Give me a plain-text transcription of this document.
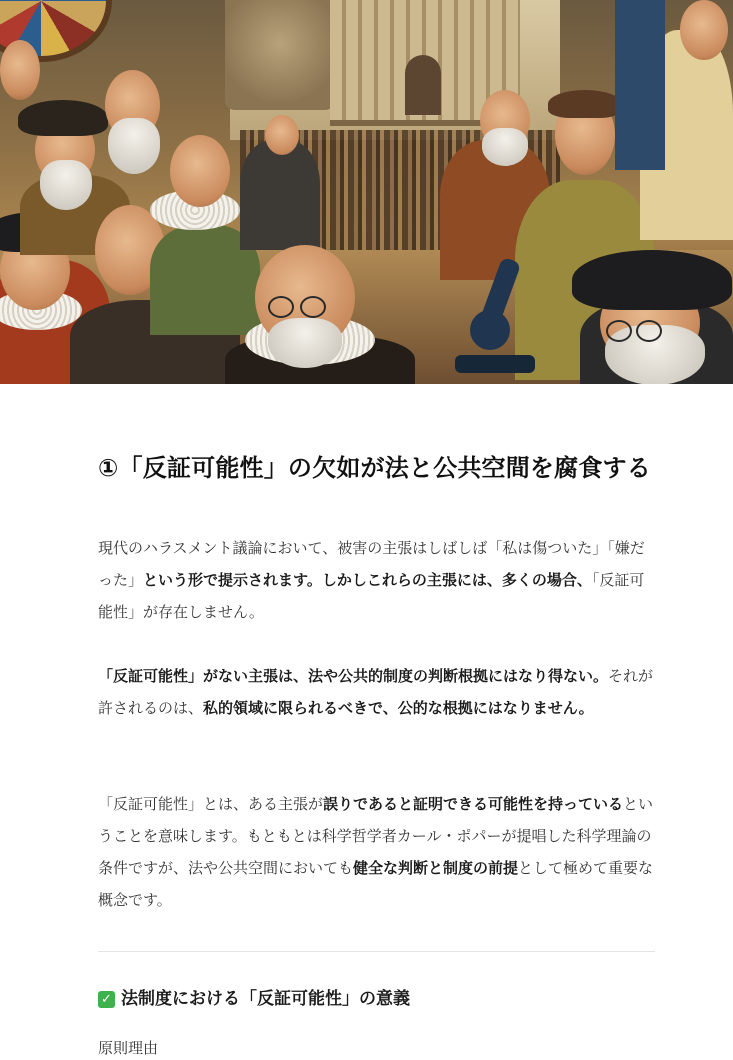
①「反証可能性」の欠如が法と公共空間を腐食する

現代のハラスメント議論において、被害の主張はしばしば「私は傷ついた」「嫌だった」という形で提示されます。しかしこれらの主張には、多くの場合、「反証可能性」が存在しません。

「反証可能性」がない主張は、法や公共的制度の判断根拠にはなり得ない。それが許されるのは、私的領域に限られるべきで、公的な根拠にはなりません。

「反証可能性」とは、ある主張が誤りであると証明できる可能性を持っているということを意味します。もともとは科学哲学者カール・ポパーが提唱した科学理論の条件ですが、法や公共空間においても健全な判断と制度の前提として極めて重要な概念です。

✓ 法制度における「反証可能性」の意義

原則理由
